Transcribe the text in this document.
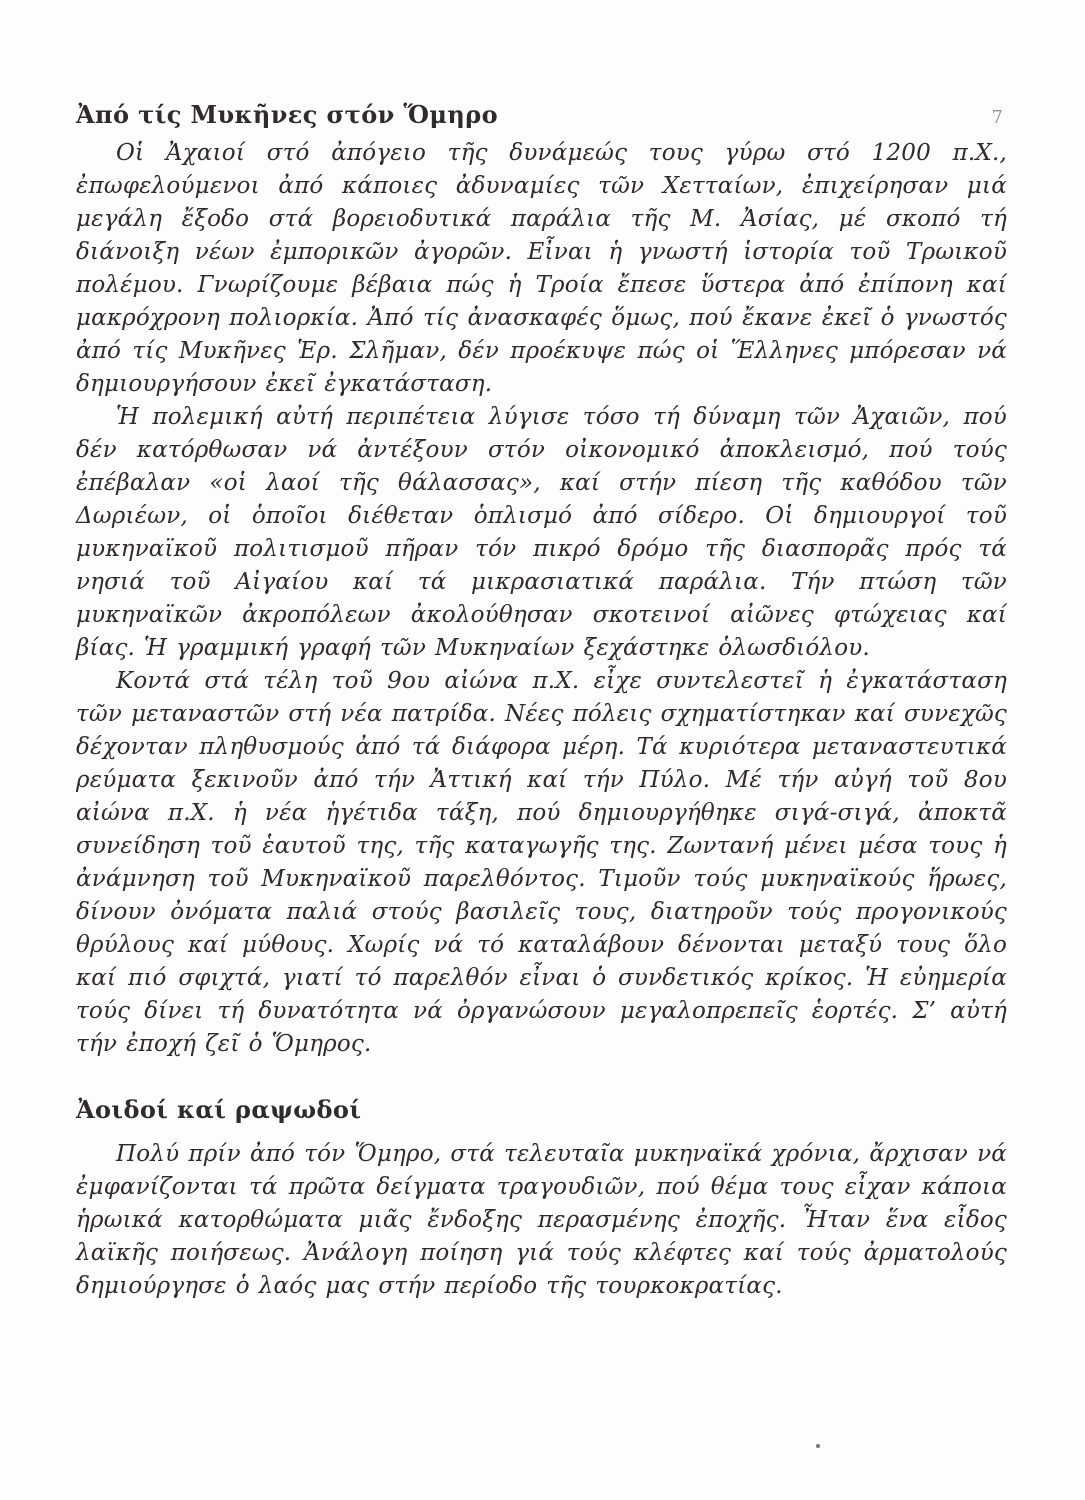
Ἀπό τίς Μυκῆνες στόν Ὅμηρο	7

Οἱ Ἀχαιοί στό ἀπόγειο τῆς δυνάμεώς τους γύρω στό 1200 π.Χ., ἐπωφελούμενοι ἀπό κάποιες ἀδυναμίες τῶν Χετταίων, ἐπιχείρησαν μιά μεγάλη ἔξοδο στά βορειοδυτικά παράλια τῆς Μ. Ἀσίας, μέ σκοπό τή διάνοιξη νέων ἐμπορικῶν ἀγορῶν. Εἶναι ἡ γνωστή ἱστορία τοῦ Τρωικοῦ πολέμου. Γνωρίζουμε βέβαια πώς ἡ Τροία ἔπεσε ὕστερα ἀπό ἐπίπονη καί μακρόχρονη πολιορκία. Ἀπό τίς ἀνασκαφές ὅμως, πού ἔκανε ἐκεῖ ὁ γνωστός ἀπό τίς Μυκῆνες Ἑρ. Σλῆμαν, δέν προέκυψε πώς οἱ Ἕλληνες μπόρεσαν νά δημιουργήσουν ἐκεῖ ἐγκατάσταση.

Ἡ πολεμική αὐτή περιπέτεια λύγισε τόσο τή δύναμη τῶν Ἀχαιῶν, πού δέν κατόρθωσαν νά ἀντέξουν στόν οἰκονομικό ἀποκλεισμό, πού τούς ἐπέβαλαν «οἱ λαοί τῆς θάλασσας», καί στήν πίεση τῆς καθόδου τῶν Δωριέων, οἱ ὁποῖοι διέθεταν ὁπλισμό ἀπό σίδερο. Οἱ δημιουργοί τοῦ μυκηναϊκοῦ πολιτισμοῦ πῆραν τόν πικρό δρόμο τῆς διασπορᾶς πρός τά νησιά τοῦ Αἰγαίου καί τά μικρασιατικά παράλια. Τήν πτώση τῶν μυκηναϊκῶν ἀκροπόλεων ἀκολούθησαν σκοτεινοί αἰῶνες φτώχειας καί βίας. Ἡ γραμμική γραφή τῶν Μυκηναίων ξεχάστηκε ὁλωσδιόλου.

Κοντά στά τέλη τοῦ 9ου αἰώνα π.Χ. εἶχε συντελεστεῖ ἡ ἐγκατάσταση τῶν μεταναστῶν στή νέα πατρίδα. Νέες πόλεις σχηματίστηκαν καί συνεχῶς δέχονταν πληθυσμούς ἀπό τά διάφορα μέρη. Τά κυριότερα μεταναστευτικά ρεύματα ξεκινοῦν ἀπό τήν Ἀττική καί τήν Πύλο. Μέ τήν αὐγή τοῦ 8ου αἰώνα π.Χ. ἡ νέα ἡγέτιδα τάξη, πού δημιουργήθηκε σιγά-σιγά, ἀποκτᾶ συνείδηση τοῦ ἑαυτοῦ της, τῆς καταγωγῆς της. Ζωντανή μένει μέσα τους ἡ ἀνάμνηση τοῦ Μυκηναϊκοῦ παρελθόντος. Τιμοῦν τούς μυκηναϊκούς ἥρωες, δίνουν ὀνόματα παλιά στούς βασιλεῖς τους, διατηροῦν τούς προγονικούς θρύλους καί μύθους. Χωρίς νά τό καταλάβουν δένονται μεταξύ τους ὅλο καί πιό σφιχτά, γιατί τό παρελθόν εἶναι ὁ συνδετικός κρίκος. Ἡ εὐημερία τούς δίνει τή δυνατότητα νά ὀργανώσουν μεγαλοπρεπεῖς ἑορτές. Σ’ αὐτή τήν ἐποχή ζεῖ ὁ Ὅμηρος.

Ἀοιδοί καί ραψωδοί

Πολύ πρίν ἀπό τόν Ὅμηρο, στά τελευταῖα μυκηναϊκά χρόνια, ἄρχισαν νά ἐμφανίζονται τά πρῶτα δείγματα τραγουδιῶν, πού θέμα τους εἶχαν κάποια ἡρωικά κατορθώματα μιᾶς ἔνδοξης περασμένης ἐποχῆς. Ἦταν ἕνα εἶδος λαϊκῆς ποιήσεως. Ἀνάλογη ποίηση γιά τούς κλέφτες καί τούς ἀρματολούς δημιούργησε ὁ λαός μας στήν περίοδο τῆς τουρκοκρατίας.
